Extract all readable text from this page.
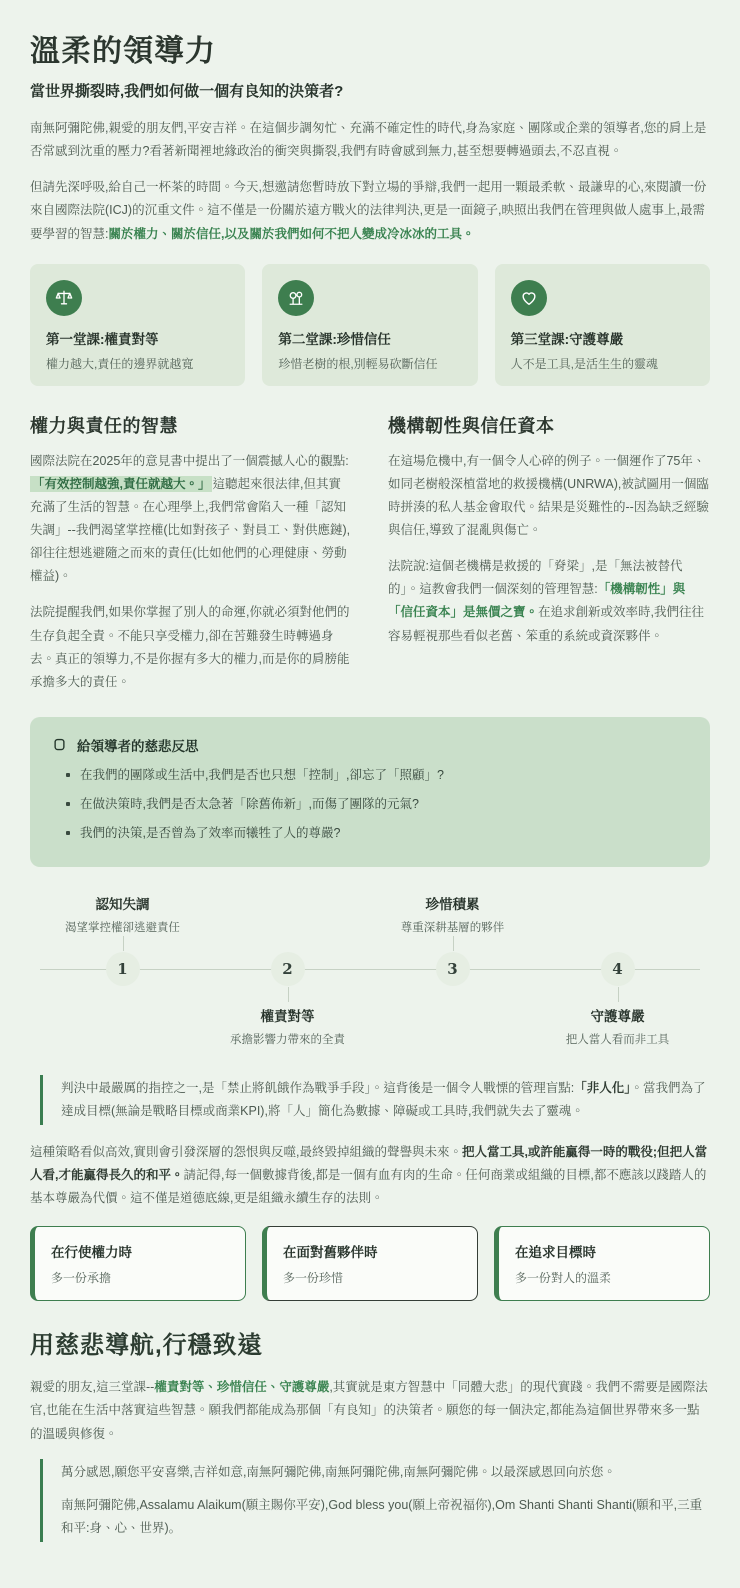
溫柔的領導力
當世界撕裂時,我們如何做一個有良知的決策者?

南無阿彌陀佛,親愛的朋友們,平安吉祥。在這個步調匆忙、充滿不確定性的時代,身為家庭、團隊或企業的領導者,您的肩上是否常感到沈重的壓力?看著新聞裡地緣政治的衝突與撕裂,我們有時會感到無力,甚至想要轉過頭去,不忍直視。

但請先深呼吸,給自己一杯茶的時間。今天,想邀請您暫時放下對立場的爭辯,我們一起用一顆最柔軟、最謙卑的心,來閱讀一份來自國際法院(ICJ)的沉重文件。這不僅是一份關於遠方戰火的法律判決,更是一面鏡子,映照出我們在管理與做人處事上,最需要學習的智慧:關於權力、關於信任,以及關於我們如何不把人變成冷冰冰的工具。

第一堂課:權責對等
權力越大,責任的邊界就越寬
第二堂課:珍惜信任
珍惜老樹的根,別輕易砍斷信任
第三堂課:守護尊嚴
人不是工具,是活生生的靈魂
權力與責任的智慧

國際法院在2025年的意見書中提出了一個震撼人心的觀點:「有效控制越強,責任就越大。」 這聽起來很法律,但其實充滿了生活的智慧。在心理學上,我們常會陷入一種「認知失調」--我們渴望掌控權(比如對孩子、對員工、對供應鏈),卻往往想逃避隨之而來的責任(比如他們的心理健康、勞動權益)。

法院提醒我們,如果你掌握了別人的命運,你就必須對他們的生存負起全責。不能只享受權力,卻在苦難發生時轉過身去。真正的領導力,不是你握有多大的權力,而是你的肩膀能承擔多大的責任。

機構韌性與信任資本

在這場危機中,有一個令人心碎的例子。一個運作了75年、如同老樹般深植當地的救援機構(UNRWA),被試圖用一個臨時拼湊的私人基金會取代。結果是災難性的--因為缺乏經驗與信任,導致了混亂與傷亡。

法院說:這個老機構是救援的「脊梁」,是「無法被替代的」。這教會我們一個深刻的管理智慧:「機構韌性」與「信任資本」是無價之寶。在追求創新或效率時,我們往往容易輕視那些看似老舊、笨重的系統或資深夥伴。

給領導者的慈悲反思
在我們的團隊或生活中,我們是否也只想「控制」,卻忘了「照顧」?
在做決策時,我們是否太急著「除舊佈新」,而傷了團隊的元氣?
我們的決策,是否曾為了效率而犧牲了人的尊嚴?
認知失調
渴望掌控權卻逃避責任
1	2
權責對等
承擔影響力帶來的全責
珍惜積累
尊重深耕基層的夥伴
3	4
守護尊嚴
把人當人看而非工具

判決中最嚴厲的指控之一,是「禁止將飢餓作為戰爭手段」。這背後是一個令人戰慄的管理盲點:「非人化」。當我們為了達成目標(無論是戰略目標或商業KPI),將「人」簡化為數據、障礙或工具時,我們就失去了靈魂。

這種策略看似高效,實則會引發深層的怨恨與反噬,最終毀掉組織的聲譽與未來。把人當工具,或許能贏得一時的戰役;但把人當人看,才能贏得長久的和平。請記得,每一個數據背後,都是一個有血有肉的生命。任何商業或組織的目標,都不應該以踐踏人的基本尊嚴為代價。這不僅是道德底線,更是組織永續生存的法則。

在行使權力時
多一份承擔
在面對舊夥伴時
多一份珍惜
在追求目標時
多一份對人的溫柔
用慈悲導航,行穩致遠

親愛的朋友,這三堂課--權責對等、珍惜信任、守護尊嚴,其實就是東方智慧中「同體大悲」的現代實踐。我們不需要是國際法官,也能在生活中落實這些智慧。願我們都能成為那個「有良知」的決策者。願您的每一個決定,都能為這個世界帶來多一點的溫暖與修復。

萬分感恩,願您平安喜樂,吉祥如意,南無阿彌陀佛,南無阿彌陀佛,南無阿彌陀佛。以最深感恩回向於您。

南無阿彌陀佛,Assalamu Alaikum(願主賜你平安),God bless you(願上帝祝福你),Om Shanti Shanti Shanti(願和平,三重和平:身、心、世界)。
